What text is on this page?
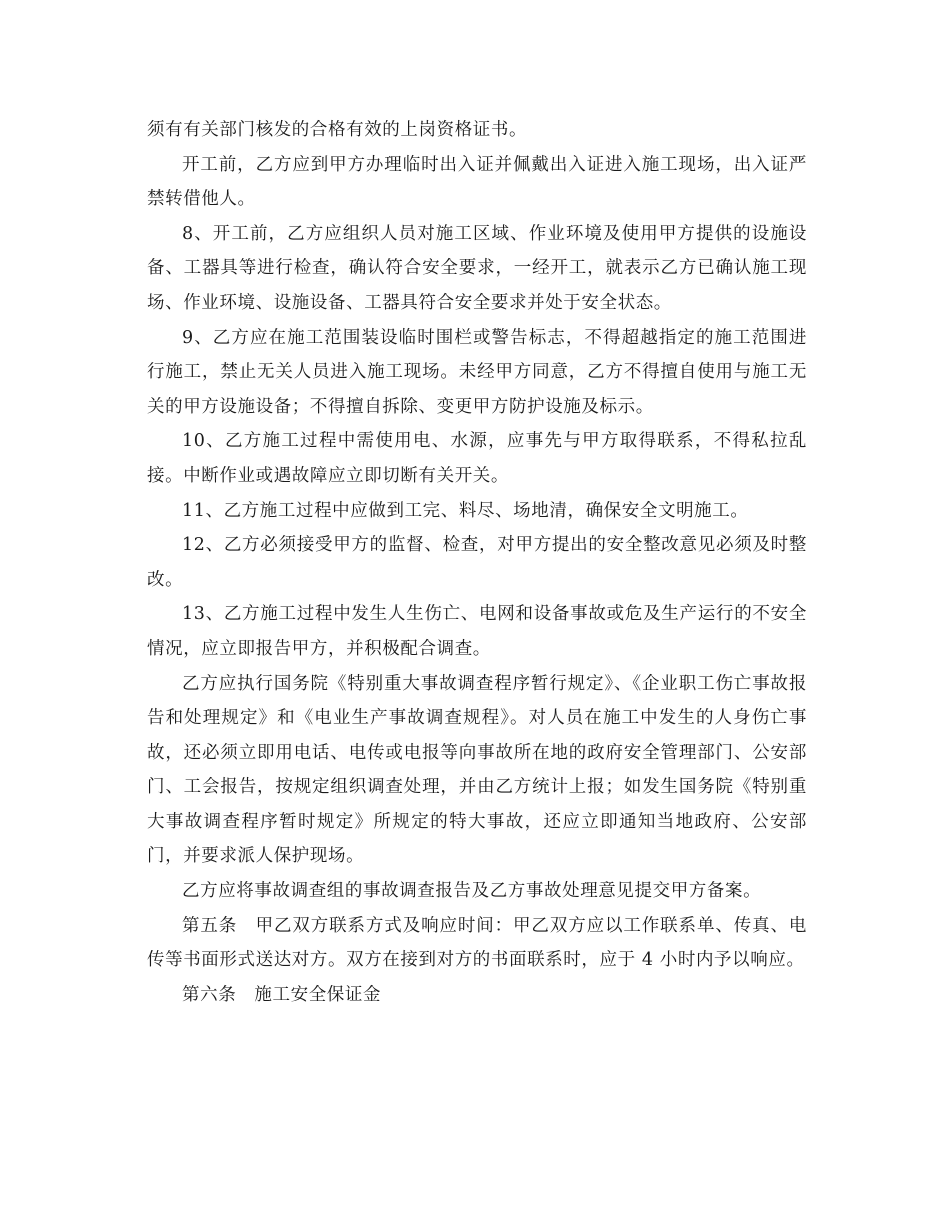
须有有关部门核发的合格有效的上岗资格证书。

开工前，乙方应到甲方办理临时出入证并佩戴出入证进入施工现场，出入证严禁转借他人。

8、开工前，乙方应组织人员对施工区域、作业环境及使用甲方提供的设施设备、工器具等进行检查，确认符合安全要求，一经开工，就表示乙方已确认施工现场、作业环境、设施设备、工器具符合安全要求并处于安全状态。

9、乙方应在施工范围装设临时围栏或警告标志，不得超越指定的施工范围进行施工，禁止无关人员进入施工现场。未经甲方同意，乙方不得擅自使用与施工无关的甲方设施设备；不得擅自拆除、变更甲方防护设施及标示。

10、乙方施工过程中需使用电、水源，应事先与甲方取得联系，不得私拉乱接。中断作业或遇故障应立即切断有关开关。

11、乙方施工过程中应做到工完、料尽、场地清，确保安全文明施工。

12、乙方必须接受甲方的监督、检查，对甲方提出的安全整改意见必须及时整改。

13、乙方施工过程中发生人生伤亡、电网和设备事故或危及生产运行的不安全情况，应立即报告甲方，并积极配合调查。

乙方应执行国务院《特别重大事故调查程序暂行规定》、《企业职工伤亡事故报告和处理规定》和《电业生产事故调查规程》。对人员在施工中发生的人身伤亡事故，还必须立即用电话、电传或电报等向事故所在地的政府安全管理部门、公安部门、工会报告，按规定组织调查处理，并由乙方统计上报；如发生国务院《特别重大事故调查程序暂时规定》所规定的特大事故，还应立即通知当地政府、公安部门，并要求派人保护现场。

乙方应将事故调查组的事故调查报告及乙方事故处理意见提交甲方备案。

第五条　甲乙双方联系方式及响应时间：甲乙双方应以工作联系单、传真、电传等书面形式送达对方。双方在接到对方的书面联系时，应于 4 小时内予以响应。

第六条　施工安全保证金
